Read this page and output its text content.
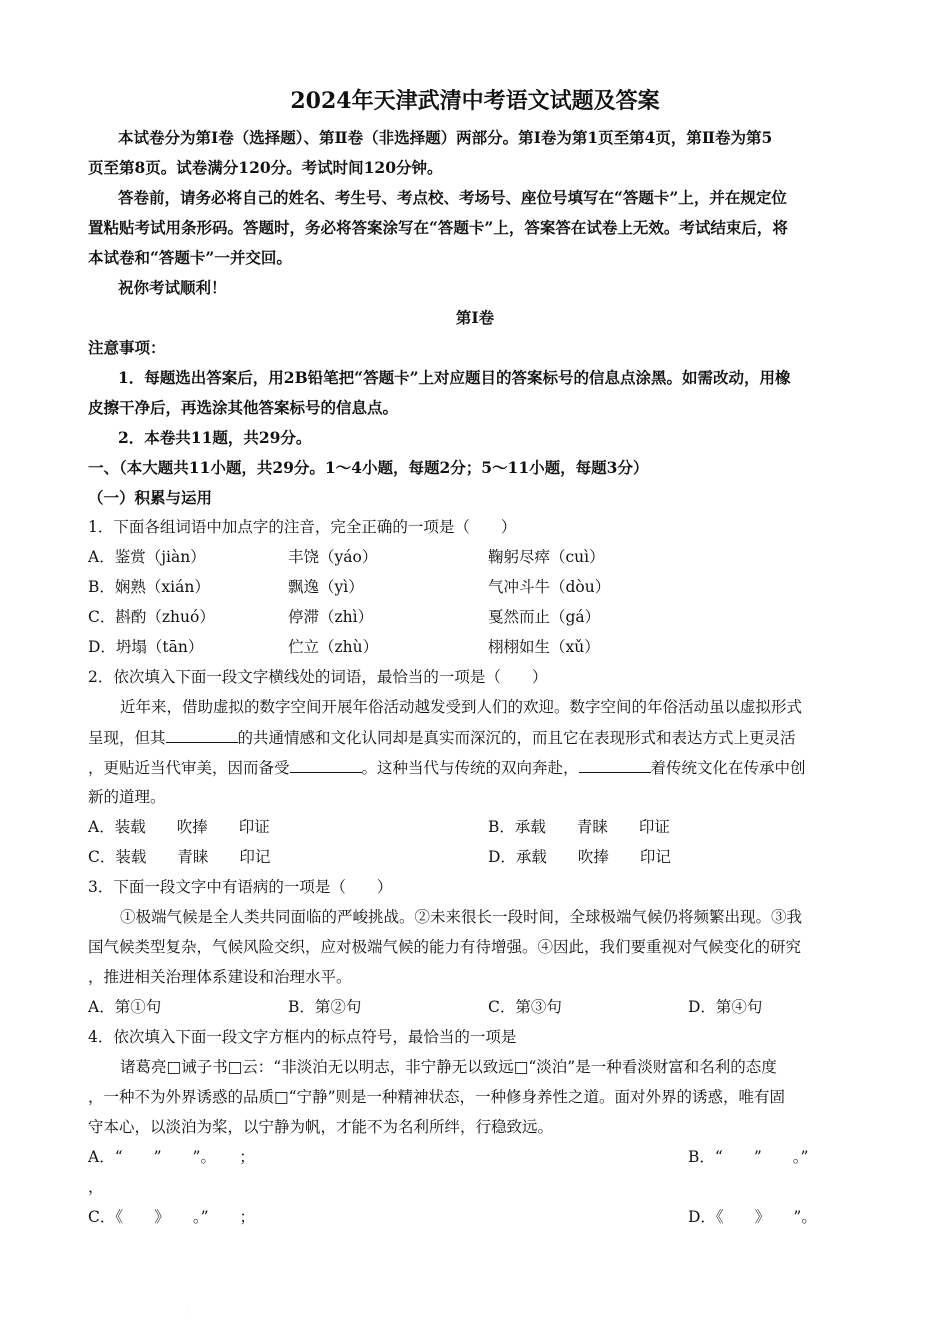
2024年天津武清中考语文试题及答案
本试卷分为第Ⅰ卷（选择题）、第Ⅱ卷（非选择题）两部分。第Ⅰ卷为第1页至第4页，第Ⅱ卷为第5
页至第8页。试卷满分120分。考试时间120分钟。
答卷前，请务必将自己的姓名、考生号、考点校、考场号、座位号填写在“答题卡”上，并在规定位
置粘贴考试用条形码。答题时，务必将答案涂写在“答题卡”上，答案答在试卷上无效。考试结束后，将
本试卷和“答题卡”一并交回。
祝你考试顺利！
第Ⅰ卷
注意事项：
1．每题选出答案后，用2B铅笔把“答题卡”上对应题目的答案标号的信息点涂黑。如需改动，用橡
皮擦干净后，再选涂其他答案标号的信息点。
2．本卷共11题，共29分。
一、（本大题共11小题，共29分。1～4小题，每题2分；5～11小题，每题3分）
（一）积累与运用
1．下面各组词语中加点字的注音，完全正确的一项是（　　）
A．鉴赏（jiàn）	丰饶（yáo）	鞠躬尽瘁（cuì）
B．娴熟（xián）	飘逸（yì）	气冲斗牛（dòu）
C．斟酌（zhuó）	停滞（zhì）	戛然而止（gá）
D．坍塌（tān）	伫立（zhù）	栩栩如生（xǔ）
2．依次填入下面一段文字横线处的词语，最恰当的一项是（　　）
近年来，借助虚拟的数字空间开展年俗活动越发受到人们的欢迎。数字空间的年俗活动虽以虚拟形式
呈现，但其	的共通情感和文化认同却是真实而深沉的，而且它在表现形式和表达方式上更灵活
，更贴近当代审美，因而备受	。这种当代与传统的双向奔赴，	着传统文化在传承中创
新的道理。
A．装载　　吹捧　　印证	B．承载　　青睐　　印证
C．装载　　青睐　　印记	D．承载　　吹捧　　印记
3．下面一段文字中有语病的一项是（　　）
①极端气候是全人类共同面临的严峻挑战。②未来很长一段时间，全球极端气候仍将频繁出现。③我
国气候类型复杂，气候风险交织，应对极端气候的能力有待增强。④因此，我们要重视对气候变化的研究
，推进相关治理体系建设和治理水平。
A．第①句	B．第②句	C．第③句	D．第④句
4．依次填入下面一段文字方框内的标点符号，最恰当的一项是
诸葛亮□诫子书□云：“非淡泊无以明志，非宁静无以致远□“淡泊”是一种看淡财富和名利的态度
，一种不为外界诱惑的品质□“宁静”则是一种精神状态，一种修身养性之道。面对外界的诱惑，唯有固
守本心，以淡泊为桨，以宁静为帆，才能不为名利所绊，行稳致远。
A．“　　”　　”。　　；	B．“　　”　　。”
，
C．《　　》　　。”　　；	D．《　　》　　”。
·
